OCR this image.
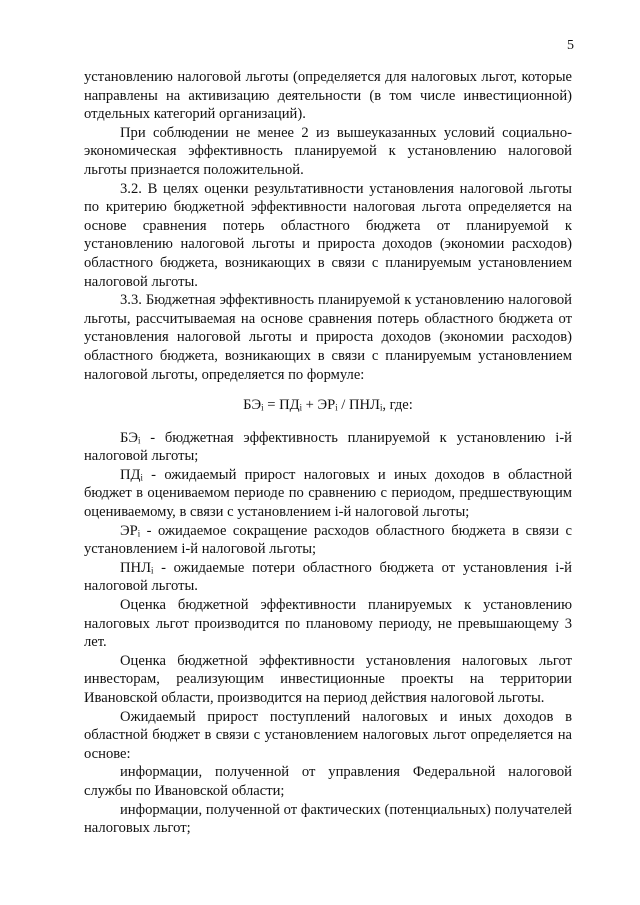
5

установлению налоговой льготы (определяется для налоговых льгот, которые направлены на активизацию деятельности (в том числе инвестиционной) отдельных категорий организаций).

При соблюдении не менее 2 из вышеуказанных условий социально-экономическая эффективность планируемой к установлению налоговой льготы признается положительной.

3.2. В целях оценки результативности установления налоговой льготы по критерию бюджетной эффективности налоговая льгота определяется на основе сравнения потерь областного бюджета от планируемой к установлению налоговой льготы и прироста доходов (экономии расходов) областного бюджета, возникающих в связи с планируемым установлением налоговой льготы.

3.3. Бюджетная эффективность планируемой к установлению налоговой льготы, рассчитываемая на основе сравнения потерь областного бюджета от установления налоговой льготы и прироста доходов (экономии расходов) областного бюджета, возникающих в связи с планируемым установлением налоговой льготы, определяется по формуле:

БЭᵢ = ПДᵢ + ЭРᵢ / ПНЛᵢ, где:

БЭᵢ - бюджетная эффективность планируемой к установлению i-й налоговой льготы;

ПДᵢ - ожидаемый прирост налоговых и иных доходов в областной бюджет в оцениваемом периоде по сравнению с периодом, предшествующим оцениваемому, в связи с установлением i-й налоговой льготы;

ЭРᵢ - ожидаемое сокращение расходов областного бюджета в связи с установлением i-й налоговой льготы;

ПНЛᵢ - ожидаемые потери областного бюджета от установления i-й налоговой льготы.

Оценка бюджетной эффективности планируемых к установлению налоговых льгот производится по плановому периоду, не превышающему 3 лет.

Оценка бюджетной эффективности установления налоговых льгот инвесторам, реализующим инвестиционные проекты на территории Ивановской области, производится на период действия налоговой льготы.

Ожидаемый прирост поступлений налоговых и иных доходов в областной бюджет в связи с установлением налоговых льгот определяется на основе:

информации, полученной от управления Федеральной налоговой службы по Ивановской области;

информации, полученной от фактических (потенциальных) получателей налоговых льгот;
